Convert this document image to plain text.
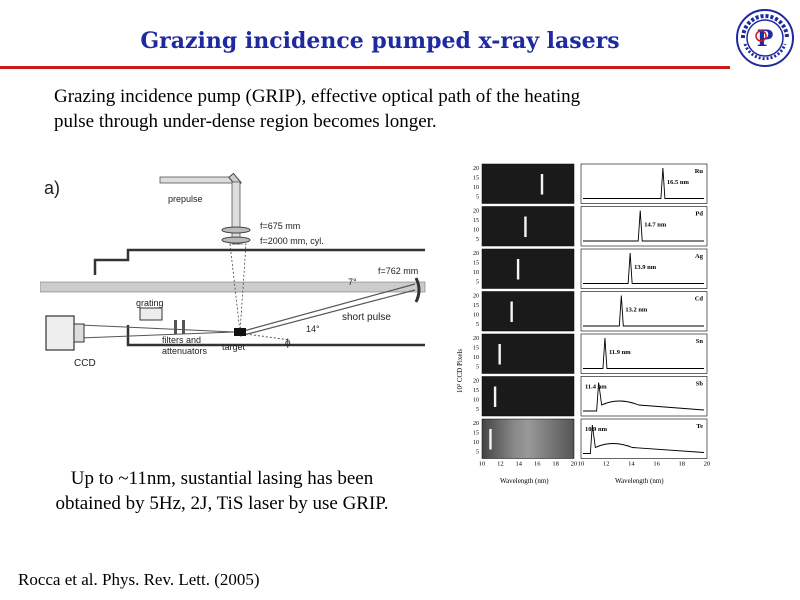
Grazing incidence pumped x-ray lasers	P
Grazing incidence pump (GRIP), effective optical path of the heating
pulse through under-dense region becomes longer.
a)
prepulse
f=675 mm
f=2000 mm, cyl.
f=762 mm
7°
short pulse
target
14°
ϕ
grating
filters and
attenuators
CCD	10² CCD Pixels
20
15
10
5
Ru
16.5 nm
20
15
10
5
Pd
14.7 nm
20
15
10
5
Ag
13.9 nm
20
15
10
5
Cd
13.2 nm
20
15
10
5
Sn
11.9 nm
20
15
10
5
Sb
11.4 nm
20
15
10
5
Te
10.9 nm
10	10
12	12
14	14
16	16
18	18
20	20
Wavelength (nm)	Wavelength (nm)
Up to ~11nm, sustantial lasing has been
obtained by 5Hz, 2J, TiS laser by use GRIP.
Rocca et al. Phys. Rev. Lett. (2005)
